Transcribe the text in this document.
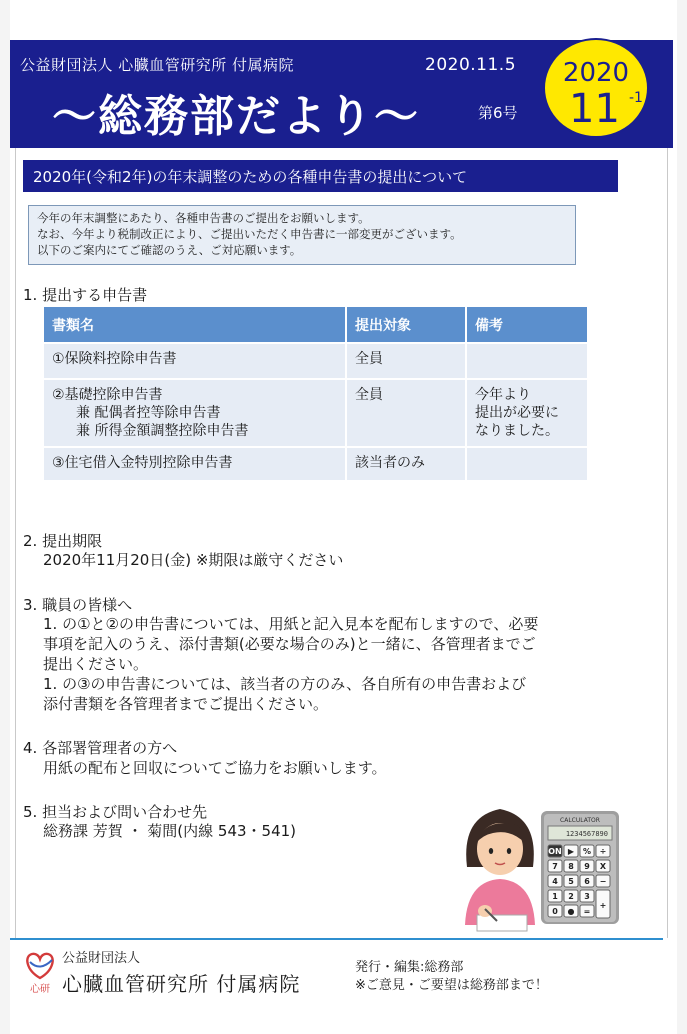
公益財団法人 心臓血管研究所 付属病院	2020.11.5
〜総務部だより〜	第6号
2020
11 -1
2020年(令和2年)の年末調整のための各種申告書の提出について
今年の年末調整にあたり、各種申告書のご提出をお願いします。
なお、今年より税制改正により、ご提出いただく申告書に一部変更がございます。
以下のご案内にてご確認のうえ、ご対応願います。
1. 提出する申告書
書類名	提出対象	備考
①保険料控除申告書	全員	

②基礎控除申告書
兼 配偶者控等除申告書
兼 所得金額調整控除申告書	全員	今年より
提出が必要に
なりました。

③住宅借入金特別控除申告書	該当者のみ	
2. 提出期限
2020年11月20日(金) ※期限は厳守ください
3. 職員の皆様へ
1. の①と②の申告書については、用紙と記入見本を配布しますので、必要
事項を記入のうえ、添付書類(必要な場合のみ)と一緒に、各管理者までご
提出ください。
1. の③の申告書については、該当者の方のみ、各自所有の申告書および
添付書類を各管理者までご提出ください。
4. 各部署管理者の方へ
用紙の配布と回収についてご協力をお願いします。
5. 担当および問い合わせ先
総務課 芳賀 ・ 菊間(内線 543・541)
CALCULATOR
1234567890
ON ▶ % ÷
7 8 9 X
4 5 6 −
1 2 3
+
0 ● =
心研
公益財団法人
心臓血管研究所 付属病院
発行・編集:総務部
※ご意見・ご要望は総務部まで！
